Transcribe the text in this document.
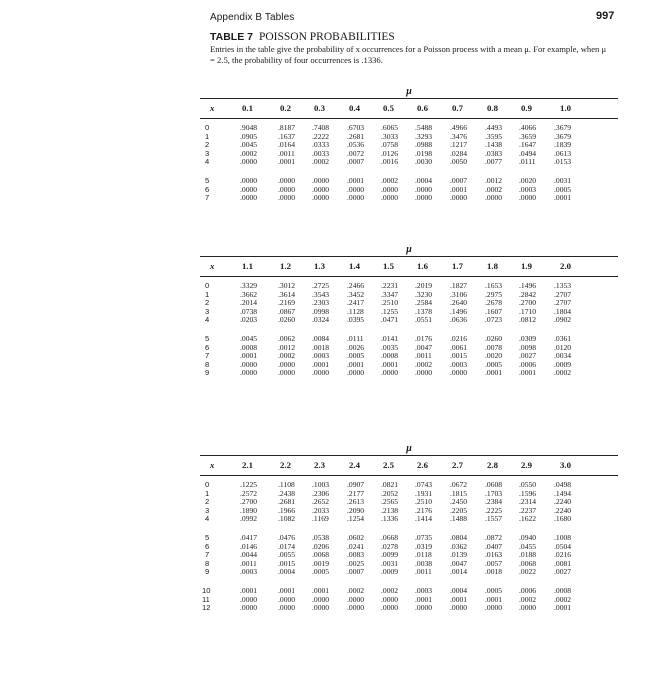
Appendix B Tables	997
TABLE 7 POISSON PROBABILITIES
Entries in the table give the probability of x occurrences for a Poisson process with a mean μ. For example, when μ = 2.5, the probability of four occurrences is .1336.
μ
x	0.1	0.2	0.3	0.4	0.5	0.6	0.7	0.8	0.9	1.0
0	.9048	.8187 .7408 .6703 .6065 .5488 .4966 .4493 .4066 .3679
1	.0905	.1637 .2222 .2681 .3033 .3293 .3476 .3595 .3659 .3679
2	.0045	.0164 .0333 .0536 .0758 .0988 .1217 .1438 .1647 .1839
3	.0002	.0011 .0033 .0072 .0126 .0198 .0284 .0383 .0494 .0613
4	.0000	.0001 .0002 .0007 .0016 .0030 .0050 .0077 .0111 .0153
5	.0000	.0000 .0000 .0001 .0002 .0004 .0007 .0012 .0020 .0031
6	.0000	.0000 .0000 .0000 .0000 .0000 .0001 .0002 .0003 .0005
7	.0000	.0000 .0000 .0000 .0000 .0000 .0000 .0000 .0000 .0001
μ
x	1.1	1.2	1.3	1.4	1.5	1.6	1.7	1.8	1.9	2.0
0	.3329	.3012 .2725 .2466 .2231 .2019 .1827 .1653 .1496 .1353
1	.3662	.3614 .3543 .3452 .3347 .3230 .3106 .2975 .2842 .2707
2	.2014	.2169 .2303 .2417 .2510 .2584 .2640 .2678 .2700 .2707
3	.0738	.0867 .0998 .1128 .1255 .1378 .1496 .1607 .1710 .1804
4	.0203	.0260 .0324 .0395 .0471 .0551 .0636 .0723 .0812 .0902
5	.0045	.0062 .0084 .0111 .0141 .0176 .0216 .0260 .0309 .0361
6	.0008	.0012 .0018 .0026 .0035 .0047 .0061 .0078 .0098 .0120
7	.0001	.0002 .0003 .0005 .0008 .0011 .0015 .0020 .0027 .0034
8	.0000	.0000 .0001 .0001 .0001 .0002 .0003 .0005 .0006 .0009
9	.0000	.0000 .0000 .0000 .0000 .0000 .0000 .0001 .0001 .0002
μ
x	2.1	2.2	2.3	2.4	2.5	2.6	2.7	2.8	2.9	3.0
0	.1225	.1108 .1003 .0907 .0821 .0743 .0672 .0608 .0550 .0498
1	.2572	.2438 .2306 .2177 .2052 .1931 .1815 .1703 .1596 .1494
2	.2700	.2681 .2652 .2613 .2565 .2510 .2450 .2384 .2314 .2240
3	.1890	.1966 .2033 .2090 .2138 .2176 .2205 .2225 .2237 .2240
4	.0992	.1082 .1169 .1254 .1336 .1414 .1488 .1557 .1622 .1680
5	.0417	.0476 .0538 .0602 .0668 .0735 .0804 .0872 .0940 .1008
6	.0146	.0174 .0206 .0241 .0278 .0319 .0362 .0407 .0455 .0504
7	.0044	.0055 .0068 .0083 .0099 .0118 .0139 .0163 .0188 .0216
8	.0011	.0015 .0019 .0025 .0031 .0038 .0047 .0057 .0068 .0081
9	.0003	.0004 .0005 .0007 .0009 .0011 .0014 .0018 .0022 .0027
10	.0001	.0001 .0001 .0002 .0002 .0003 .0004 .0005 .0006 .0008
11	.0000	.0000 .0000 .0000 .0000 .0001 .0001 .0001 .0002 .0002
12	.0000	.0000 .0000 .0000 .0000 .0000 .0000 .0000 .0000 .0001
